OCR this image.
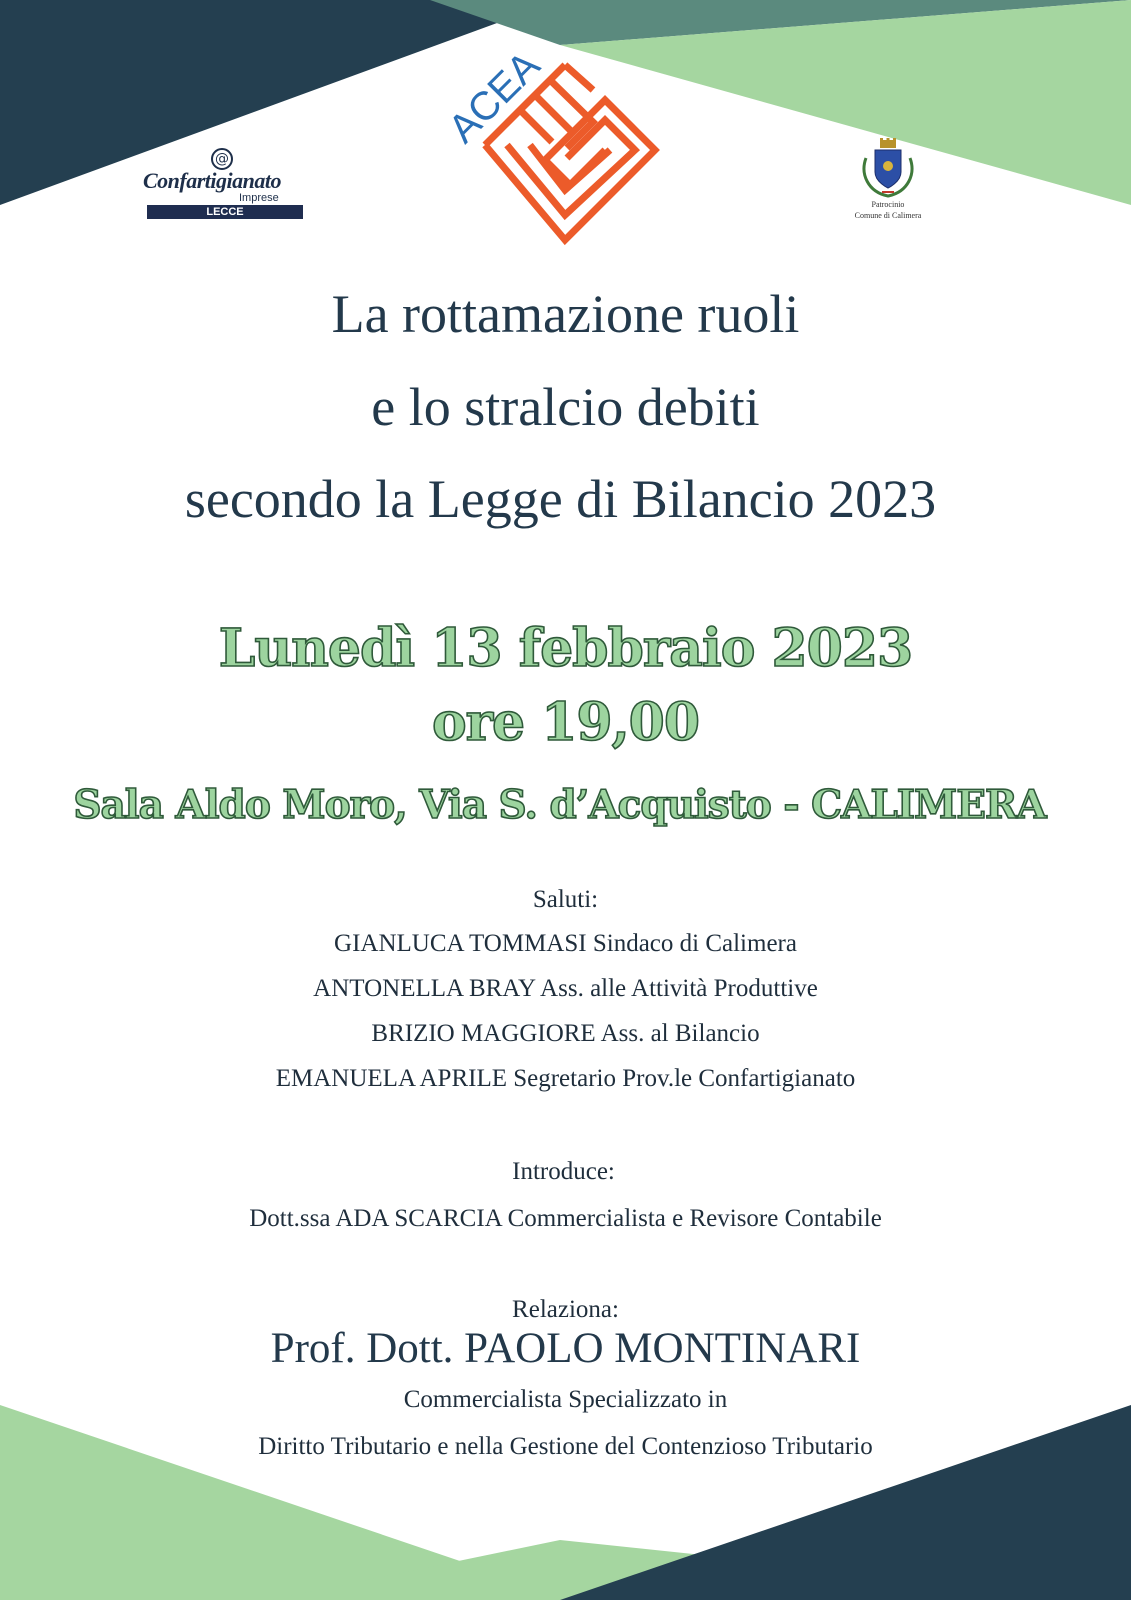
@
Confartigianato
Imprese
LECCE
ACEA
Patrocinio
Comune di Calimera
La rottamazione ruoli
e lo stralcio debiti
secondo la Legge di Bilancio 2023
Lunedì 13 febbraio 2023
ore 19,00
Sala Aldo Moro, Via S. d’Acquisto - CALIMERA
Saluti:
GIANLUCA TOMMASI Sindaco di Calimera
ANTONELLA BRAY Ass. alle Attività Produttive
BRIZIO MAGGIORE Ass. al Bilancio
EMANUELA APRILE Segretario Prov.le Confartigianato
Introduce:
Dott.ssa ADA SCARCIA Commercialista e Revisore Contabile
Relaziona:
Prof. Dott. PAOLO MONTINARI
Commercialista Specializzato in
Diritto Tributario e nella Gestione del Contenzioso Tributario
